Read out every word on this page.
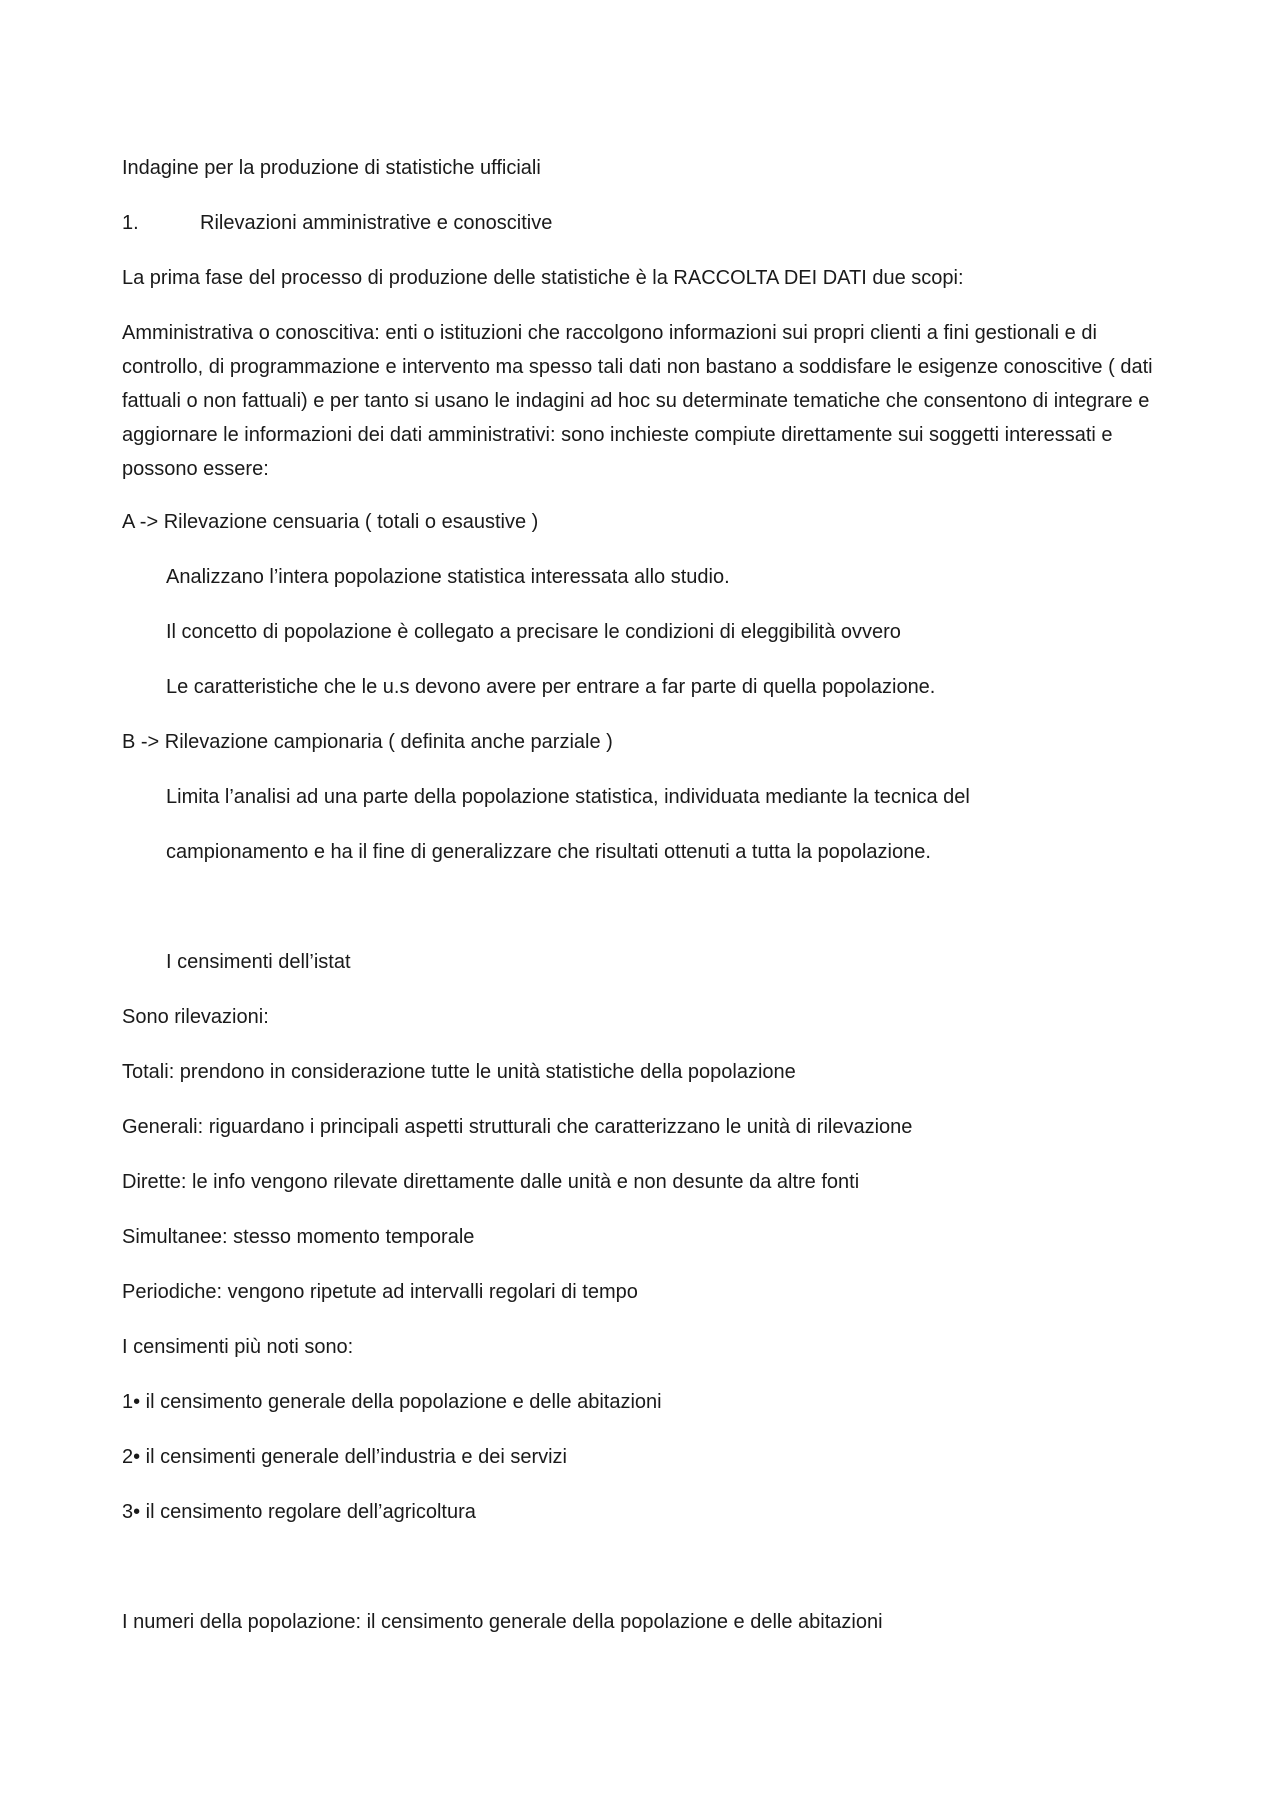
Indagine per la produzione di statistiche ufficiali

1.	Rilevazioni amministrative e conoscitive

La prima fase del processo di produzione delle statistiche è la RACCOLTA DEI DATI due scopi:

Amministrativa o conoscitiva: enti o istituzioni che raccolgono informazioni sui propri clienti a fini gestionali e di controllo, di programmazione e intervento ma spesso tali dati non bastano a soddisfare le esigenze conoscitive ( dati fattuali o non fattuali) e per tanto si usano le indagini ad hoc su determinate tematiche che consentono di integrare e aggiornare le informazioni dei dati amministrativi: sono inchieste compiute direttamente sui soggetti interessati e possono essere:

A -> Rilevazione censuaria ( totali o esaustive )

Analizzano l’intera popolazione statistica interessata allo studio.

Il concetto di popolazione è collegato a precisare le condizioni di eleggibilità ovvero

Le caratteristiche che le u.s devono avere per entrare a far parte di quella popolazione.

B -> Rilevazione campionaria ( definita anche parziale )

Limita l’analisi ad una parte della popolazione statistica, individuata mediante la tecnica del

campionamento e ha il fine di generalizzare che risultati ottenuti a tutta la popolazione.

I censimenti dell’istat

Sono rilevazioni:

Totali: prendono in considerazione tutte le unità statistiche della popolazione

Generali: riguardano i principali aspetti strutturali che caratterizzano le unità di rilevazione

Dirette: le info vengono rilevate direttamente dalle unità e non desunte da altre fonti

Simultanee: stesso momento temporale

Periodiche: vengono ripetute ad intervalli regolari di tempo

I censimenti più noti sono:

1• il censimento generale della popolazione e delle abitazioni

2• il censimenti generale dell’industria e dei servizi

3• il censimento regolare dell’agricoltura

I numeri della popolazione: il censimento generale della popolazione e delle abitazioni
